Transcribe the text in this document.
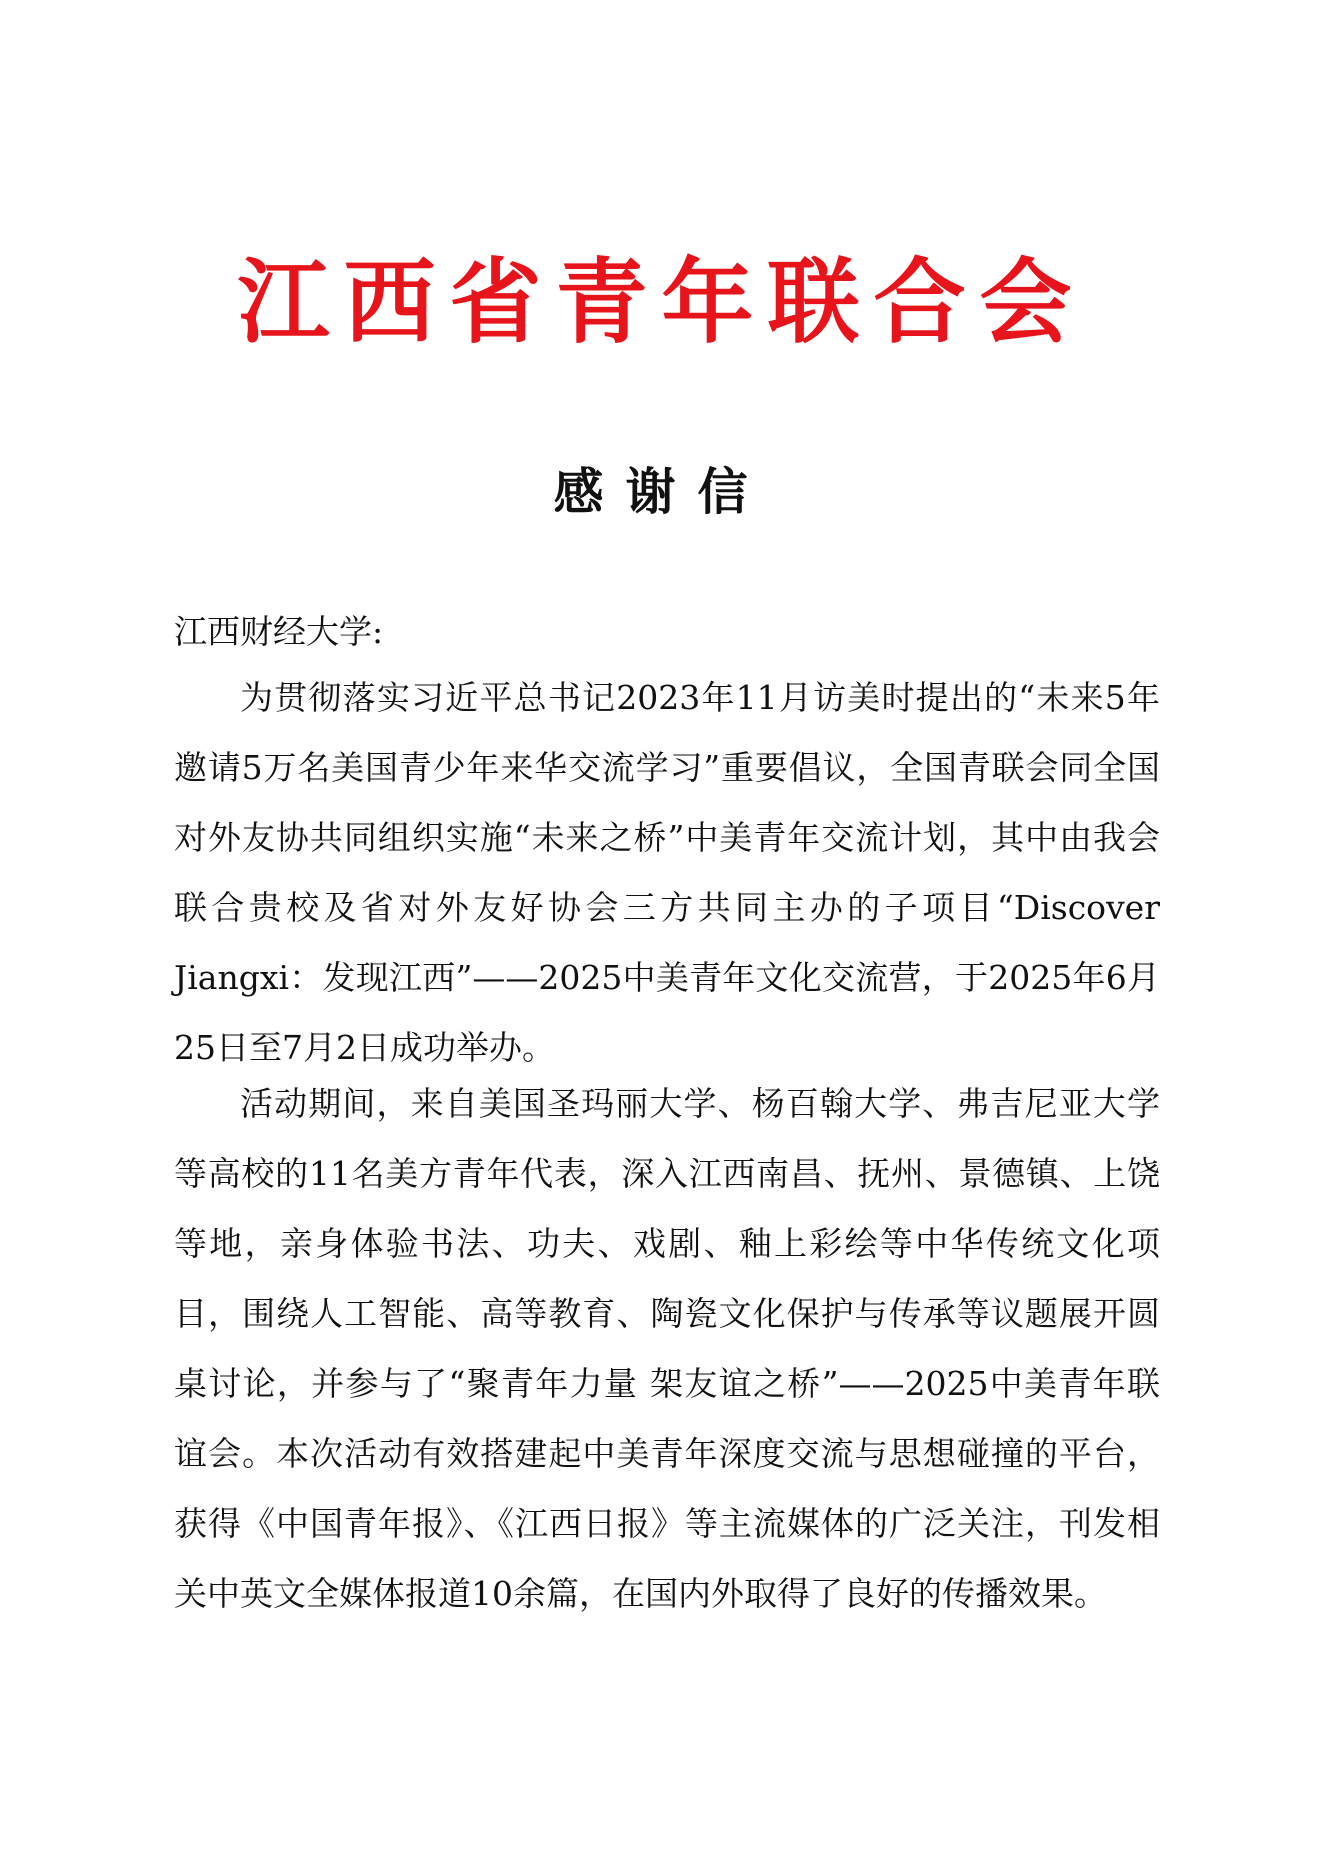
江西省青年联合会
感谢信
江西财经大学:

为贯彻落实习近平总书记2023年11月访美时提出的“未来5年邀请5万名美国青少年来华交流学习”重要倡议，全国青联会同全国对外友协共同组织实施“未来之桥”中美青年交流计划，其中由我会联合贵校及省对外友好协会三方共同主办的子项目“Discover Jiangxi：发现江西”——2025中美青年文化交流营，于2025年6月25日至7月2日成功举办。

活动期间，来自美国圣玛丽大学、杨百翰大学、弗吉尼亚大学等高校的11名美方青年代表，深入江西南昌、抚州、景德镇、上饶等地，亲身体验书法、功夫、戏剧、釉上彩绘等中华传统文化项目，围绕人工智能、高等教育、陶瓷文化保护与传承等议题展开圆桌讨论，并参与了“聚青年力量 架友谊之桥”——2025中美青年联谊会。本次活动有效搭建起中美青年深度交流与思想碰撞的平台，获得《中国青年报》、《江西日报》等主流媒体的广泛关注，刊发相关中英文全媒体报道10余篇，在国内外取得了良好的传播效果。
